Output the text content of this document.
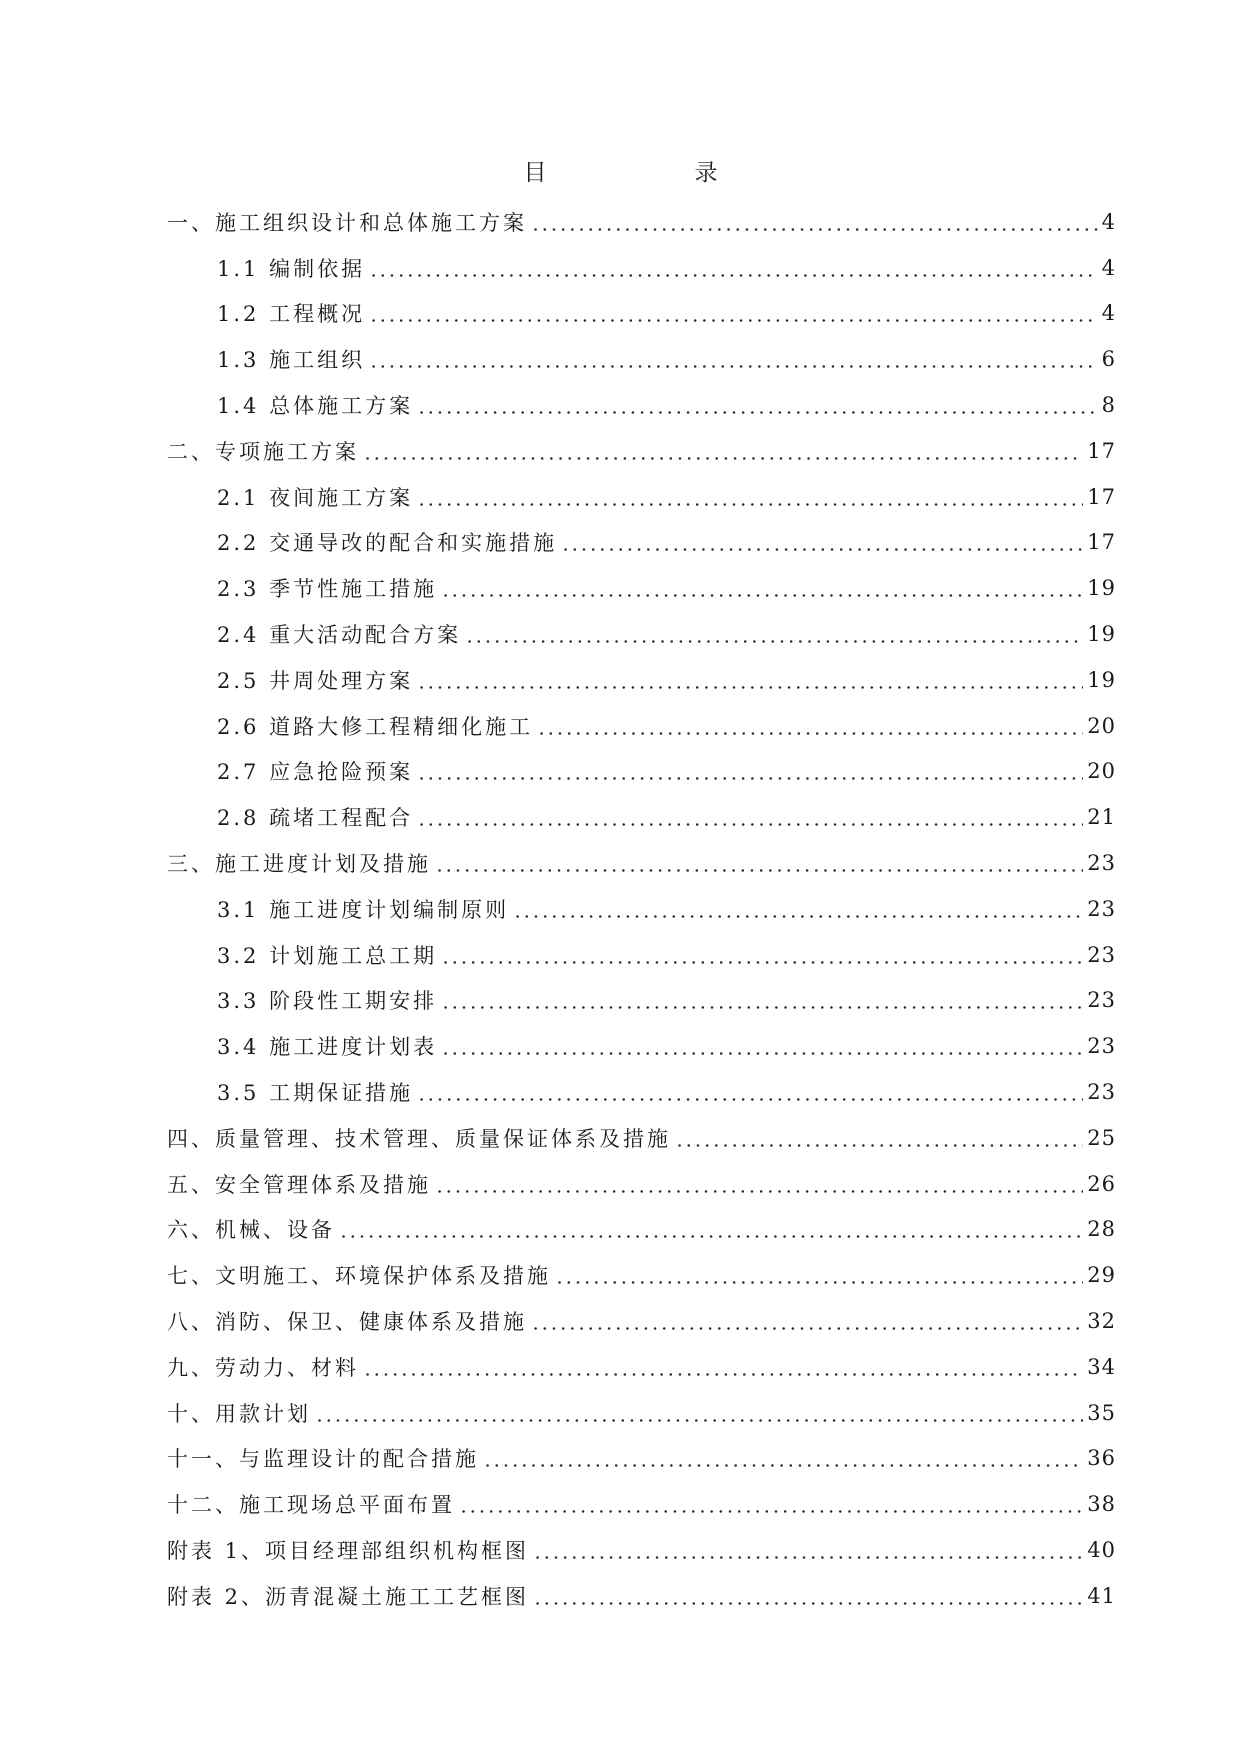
目　　录
一、施工组织设计和总体施工方案	4
1.1 编制依据	4
1.2 工程概况	4
1.3 施工组织	6
1.4 总体施工方案	8
二、专项施工方案	17
2.1 夜间施工方案	17
2.2 交通导改的配合和实施措施	17
2.3 季节性施工措施	19
2.4 重大活动配合方案	19
2.5 井周处理方案	19
2.6 道路大修工程精细化施工	20
2.7 应急抢险预案	20
2.8 疏堵工程配合	21
三、施工进度计划及措施	23
3.1 施工进度计划编制原则	23
3.2 计划施工总工期	23
3.3 阶段性工期安排	23
3.4 施工进度计划表	23
3.5 工期保证措施	23
四、质量管理、技术管理、质量保证体系及措施	25
五、安全管理体系及措施	26
六、机械、设备	28
七、文明施工、环境保护体系及措施	29
八、消防、保卫、健康体系及措施	32
九、劳动力、材料	34
十、用款计划	35
十一、与监理设计的配合措施	36
十二、施工现场总平面布置	38
附表 1、项目经理部组织机构框图	40
附表 2、沥青混凝土施工工艺框图	41
